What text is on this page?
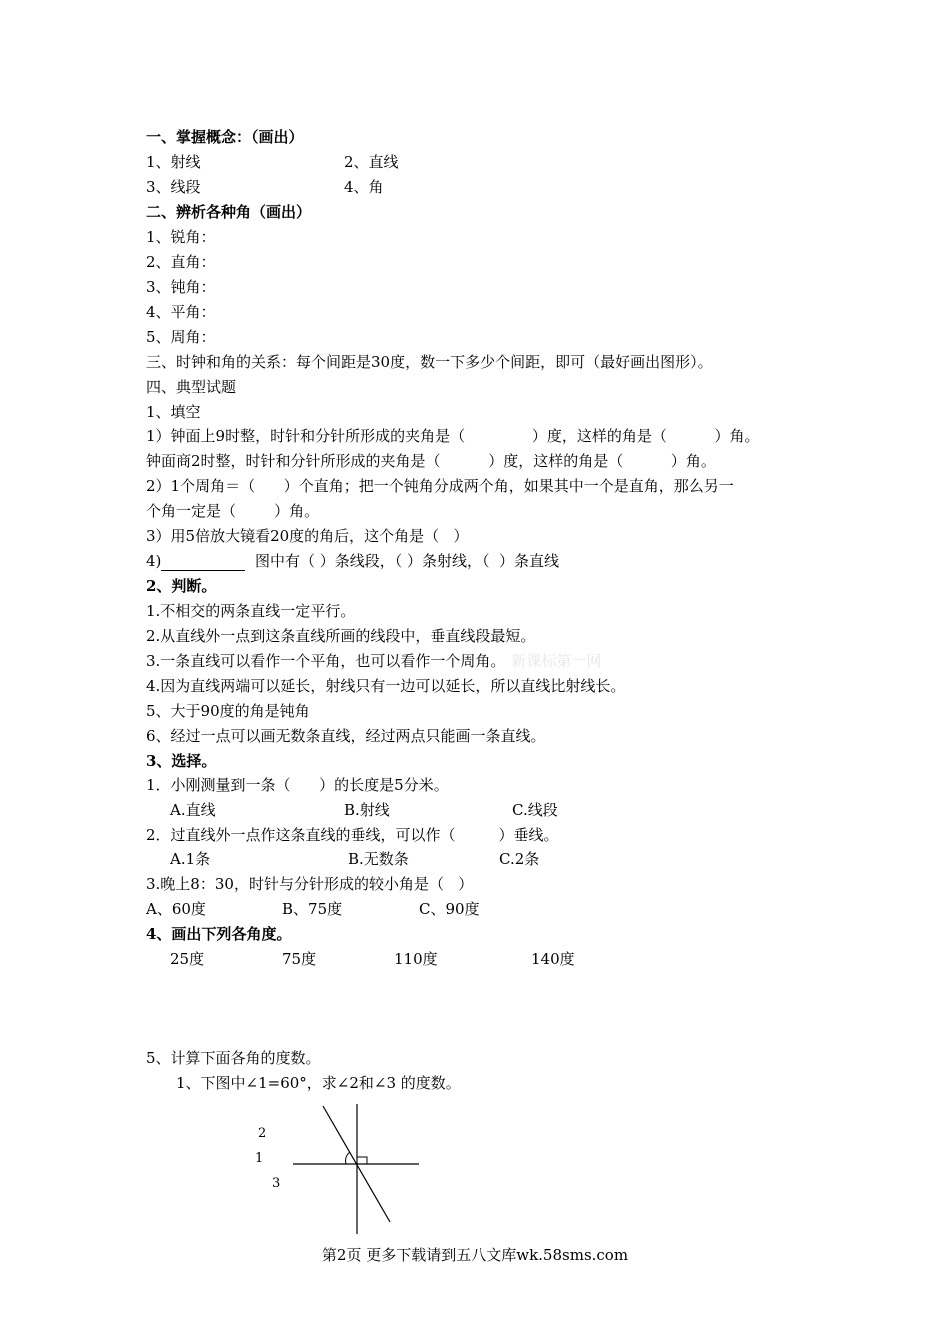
一、掌握概念：（画出）
1、射线	2、直线
3、线段	4、角
二、辨析各种角（画出）
1、锐角：
2、直角：
3、钝角：
4、平角：
5、周角：
三、时钟和角的关系：每个间距是30度，数一下多少个间距，即可（最好画出图形）。
四、典型试题
1、填空
1）钟面上9时整，时针和分针所形成的夹角是（              ）度，这样的角是（          ）角。
钟面商2时整，时针和分针所形成的夹角是（          ）度，这样的角是（          ）角。
2）1个周角＝（      ）个直角；把一个钝角分成两个角，如果其中一个是直角，那么另一
个角一定是（        ）角。
3）用5倍放大镜看20度的角后，这个角是（   ）
4)	图中有（ ）条线段，（ ）条射线，（  ）条直线
2、判断。
1.不相交的两条直线一定平行。
2.从直线外一点到这条直线所画的线段中，垂直线段最短。
3.一条直线可以看作一个平角，也可以看作一个周角。 新课标第一网
4.因为直线两端可以延长，射线只有一边可以延长，所以直线比射线长。
5、大于90度的角是钝角
6、经过一点可以画无数条直线，经过两点只能画一条直线。
3、选择。
1．小刚测量到一条（      ）的长度是5分米。
A.直线	B.射线	C.线段
2．过直线外一点作这条直线的垂线，可以作（         ）垂线。
A.1条	B.无数条	C.2条
3.晚上8：30，时针与分针形成的较小角是（   ）
A、60度	B、75度	C、90度
4、画出下列各角度。
25度	75度	110度	140度
5、计算下面各角的度数。
1、下图中∠1=60°，求∠2和∠3 的度数。
2
1
3
第2页 更多下载请到五八文库wk.58sms.com
